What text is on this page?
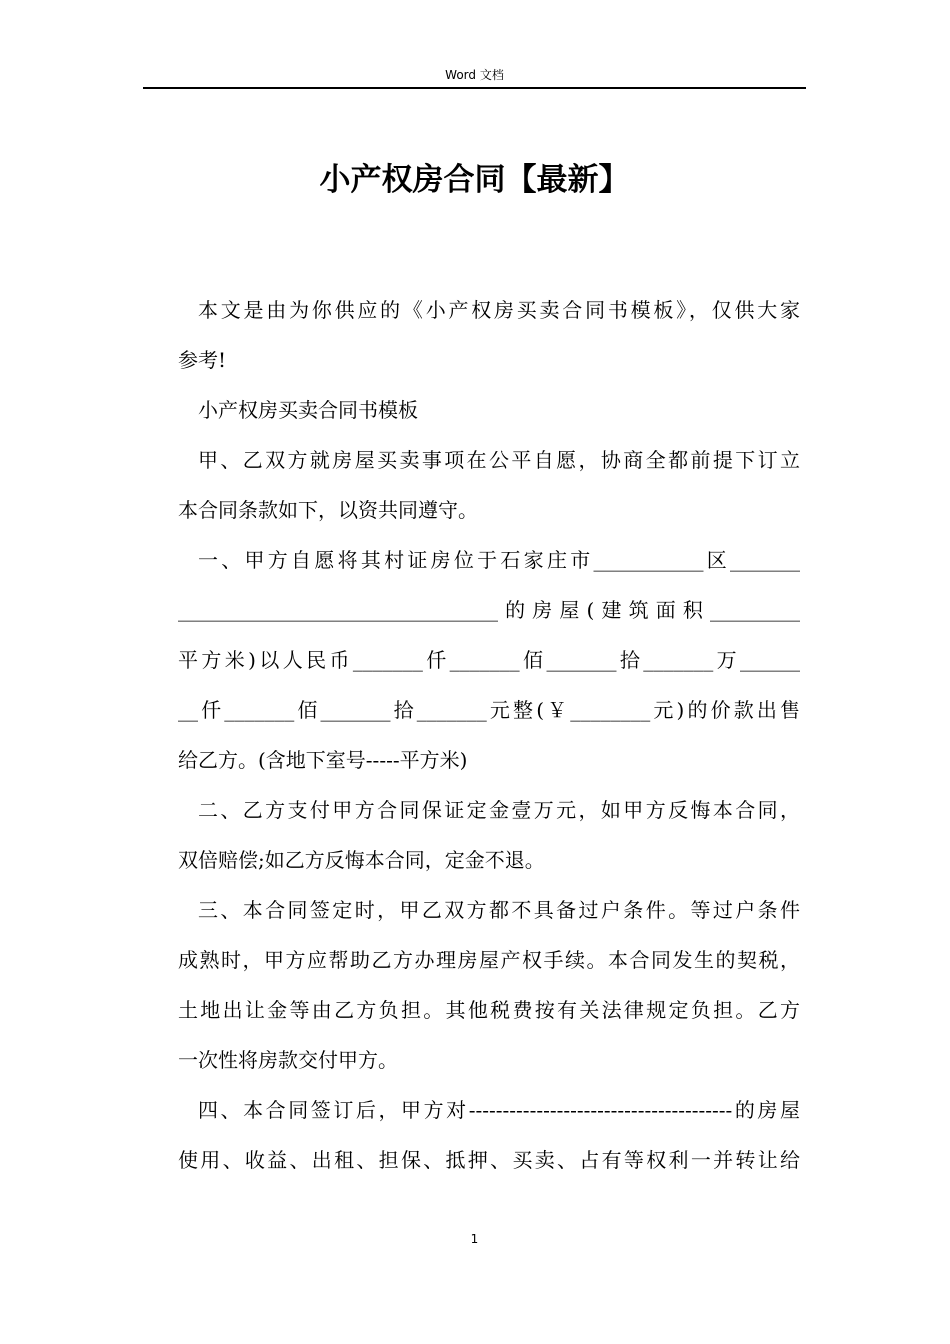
Word 文档
小产权房合同【最新】
本文是由为你供应的《小产权房买卖合同书模板》，仅供大家
参考!
小产权房买卖合同书模板
甲、乙双方就房屋买卖事项在公平自愿，协商全都前提下订立
本合同条款如下，以资共同遵守。
一、甲方自愿将其村证房位于石家庄市___________区_______
________________________________的房屋(建筑面积_________
平方米)以人民币_______仟_______佰_______拾_______万______
__仟_______佰_______拾_______元整(￥________元)的价款出售
给乙方。(含地下室号-----平方米)
二、乙方支付甲方合同保证定金壹万元，如甲方反悔本合同，
双倍赔偿;如乙方反悔本合同，定金不退。
三、本合同签定时，甲乙双方都不具备过户条件。等过户条件
成熟时，甲方应帮助乙方办理房屋产权手续。本合同发生的契税，
土地出让金等由乙方负担。其他税费按有关法律规定负担。乙方
一次性将房款交付甲方。
四、本合同签订后，甲方对---------------------------------------的房屋
使用、收益、出租、担保、抵押、买卖、占有等权利一并转让给
1
